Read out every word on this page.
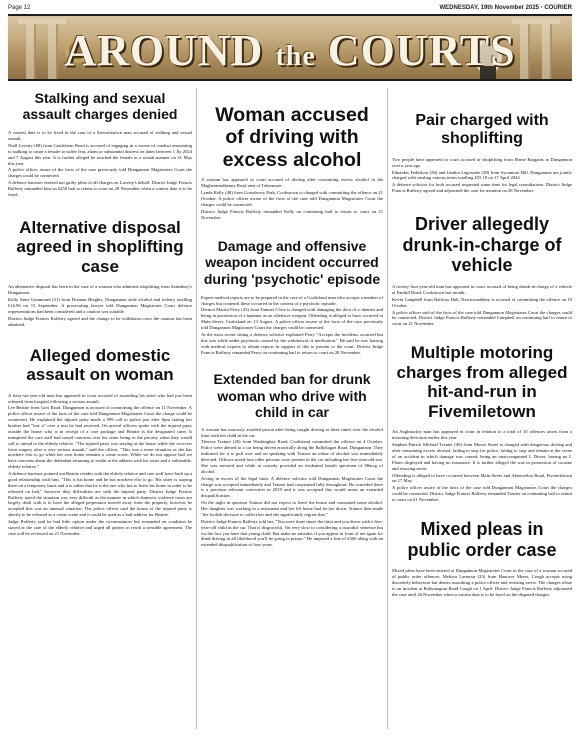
Page 12	WEDNESDAY, 19th November 2025 - COURIER
AROUND the COURTS
Stalking and sexual assault charges denied

A contest date is to be fixed in the case of a Stewartstown man accused of stalking and sexual assault.

Niall Laverty (68) from Castlefarm Road is accused of engaging in a course of conduct amounting to stalking to cause a female to suffer fear, alarm or substantial distress on dates between 1 Jly 2024 and 7 August this year. It is further alleged he touched the female in a sexual manner on 31 May this year.

A police officer aware of the facts of the case previously told Dungannon Magistrates Court the charges could be connected.

A defence barrister entered not guilty pleas to all charges on Laverty's behalf. District Judge Francis Rafferty remanded him on £250 bail to return to court on 28 November when a contest date is to be fixed.

Alternative disposal agreed in shoplifting case

An alternative disposal has been in the case of a woman who admitted shoplifting from Sainsbury's Dungannon.

Kelly Anne Gammond (31) from Donnan Heights, Dungannon stole alcohol and toiletry totalling £16.96 on 15 September. A prosecuting lawyer told Dungannon Magistrates Court defence representations had been considered and a caution was suitable.

District Judge Francis Rafferty agreed and the change to be withdrawn once the caution has been admitted.

Alleged domestic assault on woman

A forty-six-year-old man has appeared in court accused of assaulting his sister who had just been released from hospital following a serious assault.

Lee Beattie from Gort Road, Dungannon is accused of committing the offence on 11 November. A police officer aware of the facts of the case told Dungannon Magistrates Court the charge could be connected. He explained the injured party made a 999 call to police just after 6pm stating her brother had "lost it" over a text he had received. On arrival officers spoke with the injured party outside the house who is in receipt of a care package and Beattie is the designated carer. It transpired the care staff had raised concerns over his sister being in the priority when they would call to attend to the elderly relative. "The injured party was staying at the house while she recovers from surgery after a very serious assault," said the officer. "This was a tense situation as she has nowhere else to go while her own home remains a crime scene. While we do not oppose bail we have concerns about the defendant returning to reside at the address with his sister and a vulnerable, elderly relative."

A defence barrister pointed out Beattie resides with the elderly relative and care staff have built up a good relationship with him. "This is his home and he has nowhere else to go. His sister is staying there on a temporary basis and it is rather that he is the one who has to leave his home in order to be released on bail," however they difficulties are with the injured party. District Judge Francis Rafferty noted the situation was very difficult as the manner in which domestic violence cases are largely dealt with is to have the alleged perpetrator moved away from the property, however he accepted this was an unusual situation. The police officer said the house of the injured party is shortly to be released as a crime scene and it could be used as a bail address for Beattie.

Judge Rafferty said he had little option under the circumstances but remanded on condition he stayed at the care of the elderly relative and urged all parties to reach a sensible agreement. The case will be reviewed on 21 November.

Woman accused of driving with excess alcohol

A woman has appeared in court accused of driving after consuming excess alcohol in the Magheramulkenny Road area of Tobermore.

Lynda Kelly (48) from Gortalowry Park, Cookstown is charged with committing the offence on 21 October. A police officer aware of the facts of the case told Dungannon Magistrates Court the charges could be connected.

District Judge Francis Rafferty remanded Kelly on continuing bail to return to court on 21 November.

Damage and offensive weapon incident occurred during 'psychotic' episode

Expert medical reports are to be prepared in the case of a Coalisland man who accepts a number of charges but contends these occurred in the context of a psychotic episode.

Dermot Martin Perry (43) from Tamnet Close is charged with damaging the door of a chemist and being in possession of a hammer as an offensive weapon. Offending is alleged to have occurred at Main Street, Coalisland on 13 August. A police officer aware of the facts of the case previously told Dungannon Magistrates Court the charges could be connected.

At the most recent sitting a defence solicitor explained Perry "Accepts the incidents occurred but this was while under psychosis caused by the withdrawal of medication." He said he was liaising with medical experts to obtain reports in support of this to present to the court. District Judge Francis Rafferty remanded Perry on continuing bail to return to court on 28 November.

Extended ban for drunk woman who drive with child in car

A woman has narrowly avoided prison after being caught driving at three times over the alcohol limit with her child in the car.

Theresa Trainor (46) from Washingbay Road, Coalisland committed the offence on 4 October. Police were alerted to a car being driven erratically along the Ballyhagan Road, Dungannon. They indicated for it to pull over and on speaking with Trainor an odour of alcohol was immediately detected. Officers noted four other persons were present in the car including her five-year-old son. She was arrested and while in custody provided an evidential breath specimen of 98mcg of alcohol.

Acting in excess of the legal limit. A defence solicitor told Dungannon Magistrates Court the charge was accepted immediately and Trainor had cooperated fully throughout. He conceded there is a previous relevant conviction in 2019 and it was accepted this would mean an extended disqualification.

On the night in question Trainor did not expect to leave the house and consumed some alcohol. Her daughter was working in a restaurant and her lift home had let her down. Trainor then made "the foolish decision to collect her and she significantly regrets that."

District Judge Francis Rafferty told her, "You were three times the limit and you drove with a five-year-old child in the car. That is disgraceful. I'm very slow to considering a custodial sentence but for the fact you have that young child. But make no mistake, if you appear in front of me again for drink driving in all likelihood you'll be going to prison." He imposed a fine of £300 along with an extended disqualification of four years.

Pair charged with shoplifting

Two people have appeared in court accused of shoplifting from Home Bargains in Dungannon over a year ago.

Eduardas Fedklivas (56) and Jandira Legostene (50) from Sycamore Hill, Dungannon are jointly charged with stealing various items totalling £55.19 on 17 April 2024.

A defence solicitor for both accused requested some time for legal consultations. District Judge Francis Rafferty agreed and adjourned the case for mention on 28 November.

Driver allegedly drunk-in-charge of vehicle

A twenty-four-year-old man has appeared in court accused of being drunk-in-charge of a vehicle at Fairhill Road, Cookstown last month.

Kevin Campbell from Railway Halt, Newtownabbey is accused of committing the offence on 19 October.

A police officer said of the facts of the case told Dungannon Magistrates Court the charges could be connected. District Judge Francis Rafferty remanded Campbell on continuing bail to return to court on 21 November.

Multiple motoring charges from alleged hit-and-run in Fivemiletown

An Aughnacloy man has appeared in court in relation to a total of 10 offences arises from a motoring detection earlier this year.

Stephen Patrick Michael Trenier (40) from Moore Street is charged with dangerous driving and after consuming excess alcohol, failing to stop for police, failing to stop and remain at the scene of an accident in which damage was caused, being an unaccompanied L Driver, having no L Plates displayed and having no insurance. It is further alleged the was in possession of cocaine and resisting arrest.

Offending is alleged to have occurred between Main Street and Ahenorebia Road, Fivemiletown on 17 May.

A police officer aware of the facts of the case told Dungannon Magistrates Court the charges could be connected. District Judge Francis Rafferty remanded Trenier on continuing bail to return to court on 21 November.

Mixed pleas in public order case

Mixed pleas have been entered at Dungannon Magistrates Court in the case of a woman accused of public order offences. Melissa Larmour (23) from Hanover Meres, Cough accepts using disorderly behaviour but denies assaulting a police officer and resisting arrest. The charges relate to an incident at Ballymagran Road Cough on 1 April. District Judge Francis Rafferty adjourned the case until 26 November when a contest date is to be fixed on the disputed charges.
